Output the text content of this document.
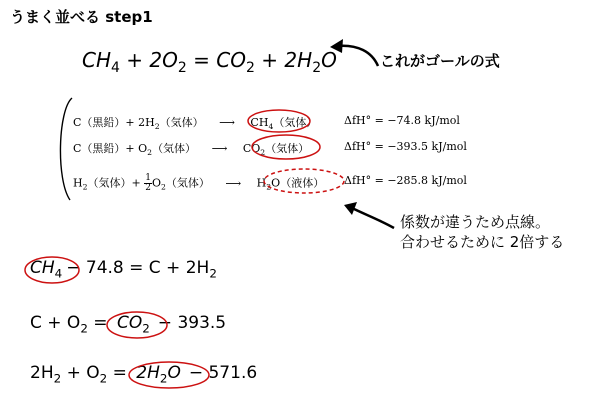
うまく並べる step1
$CH_4 + 2O_2 = CO_2 + 2H_2O$	これがゴールの式
C（黒鉛）+ $2H_2$（気体） ⟶ $CH_4$（気体） ΔfH° = −74.8 kJ/mol
C（黒鉛）+ $O_2$（気体） ⟶ $CO_2$（気体）	ΔfH° = −393.5 kJ/mol
$H_2$（気体）+ $\frac{1}{2} O_2$（気体） ⟶ $H_2O$（液体） ΔfH° = −285.8 kJ/mol
係数が違うため点線。
合わせるために 2倍する
$CH_4 - 74.8 = C + 2H_2$
$C + O_2 = CO_2 - 393.5$
$2H_2 + O_2 = 2H_2O - 571.6$
